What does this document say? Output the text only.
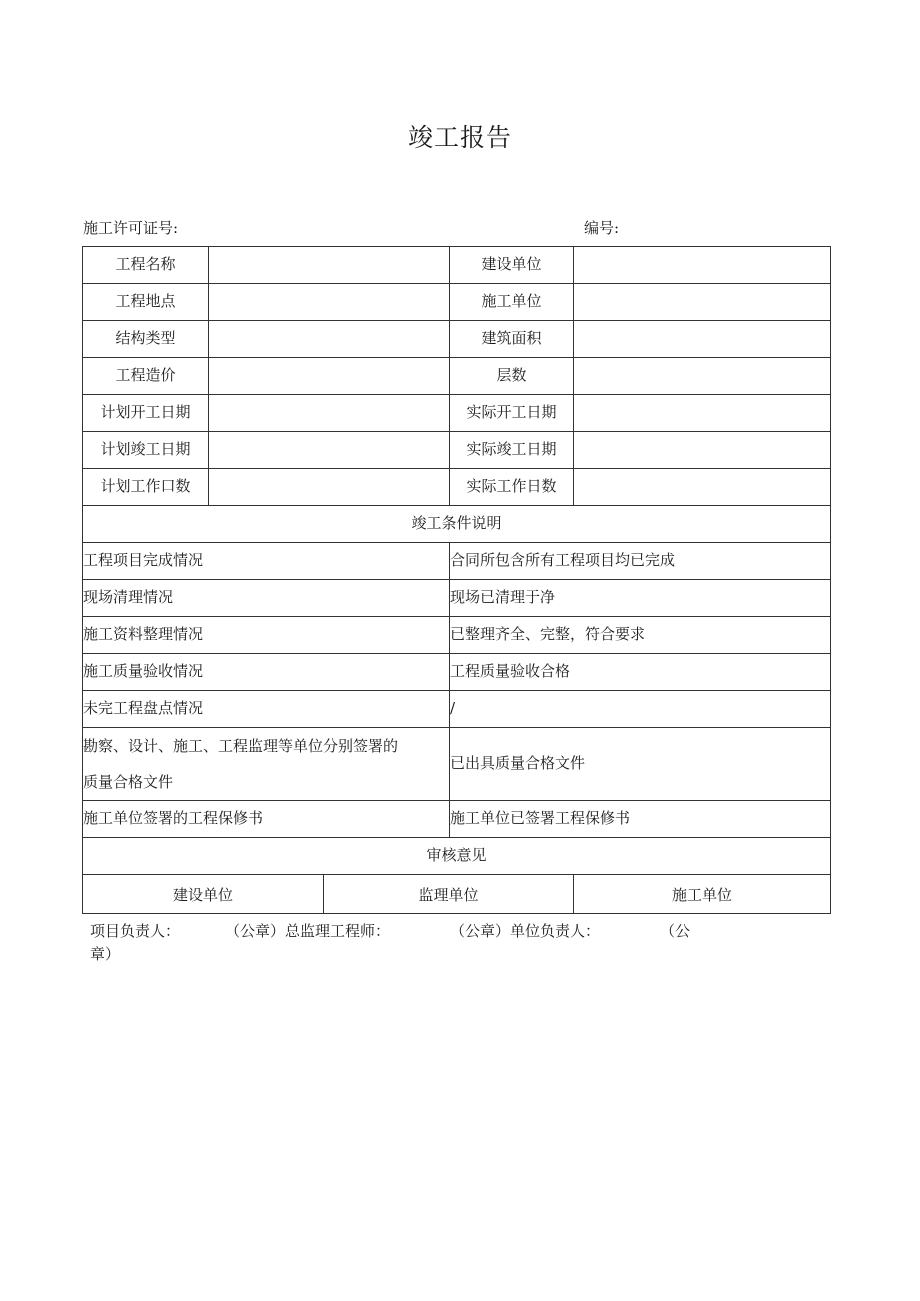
竣工报告
施工许可证号:	编号:
工程名称		建设单位	
工程地点		施工单位	
结构类型		建筑面积	
工程造价		层数	
计划开工日期		实际开工日期	
计划竣工日期		实际竣工日期	
计划工作口数		实际工作日数	
竣工条件说明			
工程项目完成情况		合同所包含所有工程项目均已完成	
现场清理情况		现场已清理于净	
施工资料整理情况		已整理齐全、完整，符合要求	
施工质量验收情况		工程质量验收合格	
未完工程盘点情况		/	

勘察、设计、施工、工程监理等单位分别签署的
质量合格文件		已出具质量合格文件	
施工单位签署的工程保修书		施工单位已签署工程保修书	
审核意见			
建设单位	监理单位	施工单位
项目负责人：　　　　（公章）总监理工程师：　　　　　（公章）单位负责人：　　　　　（公
章）
